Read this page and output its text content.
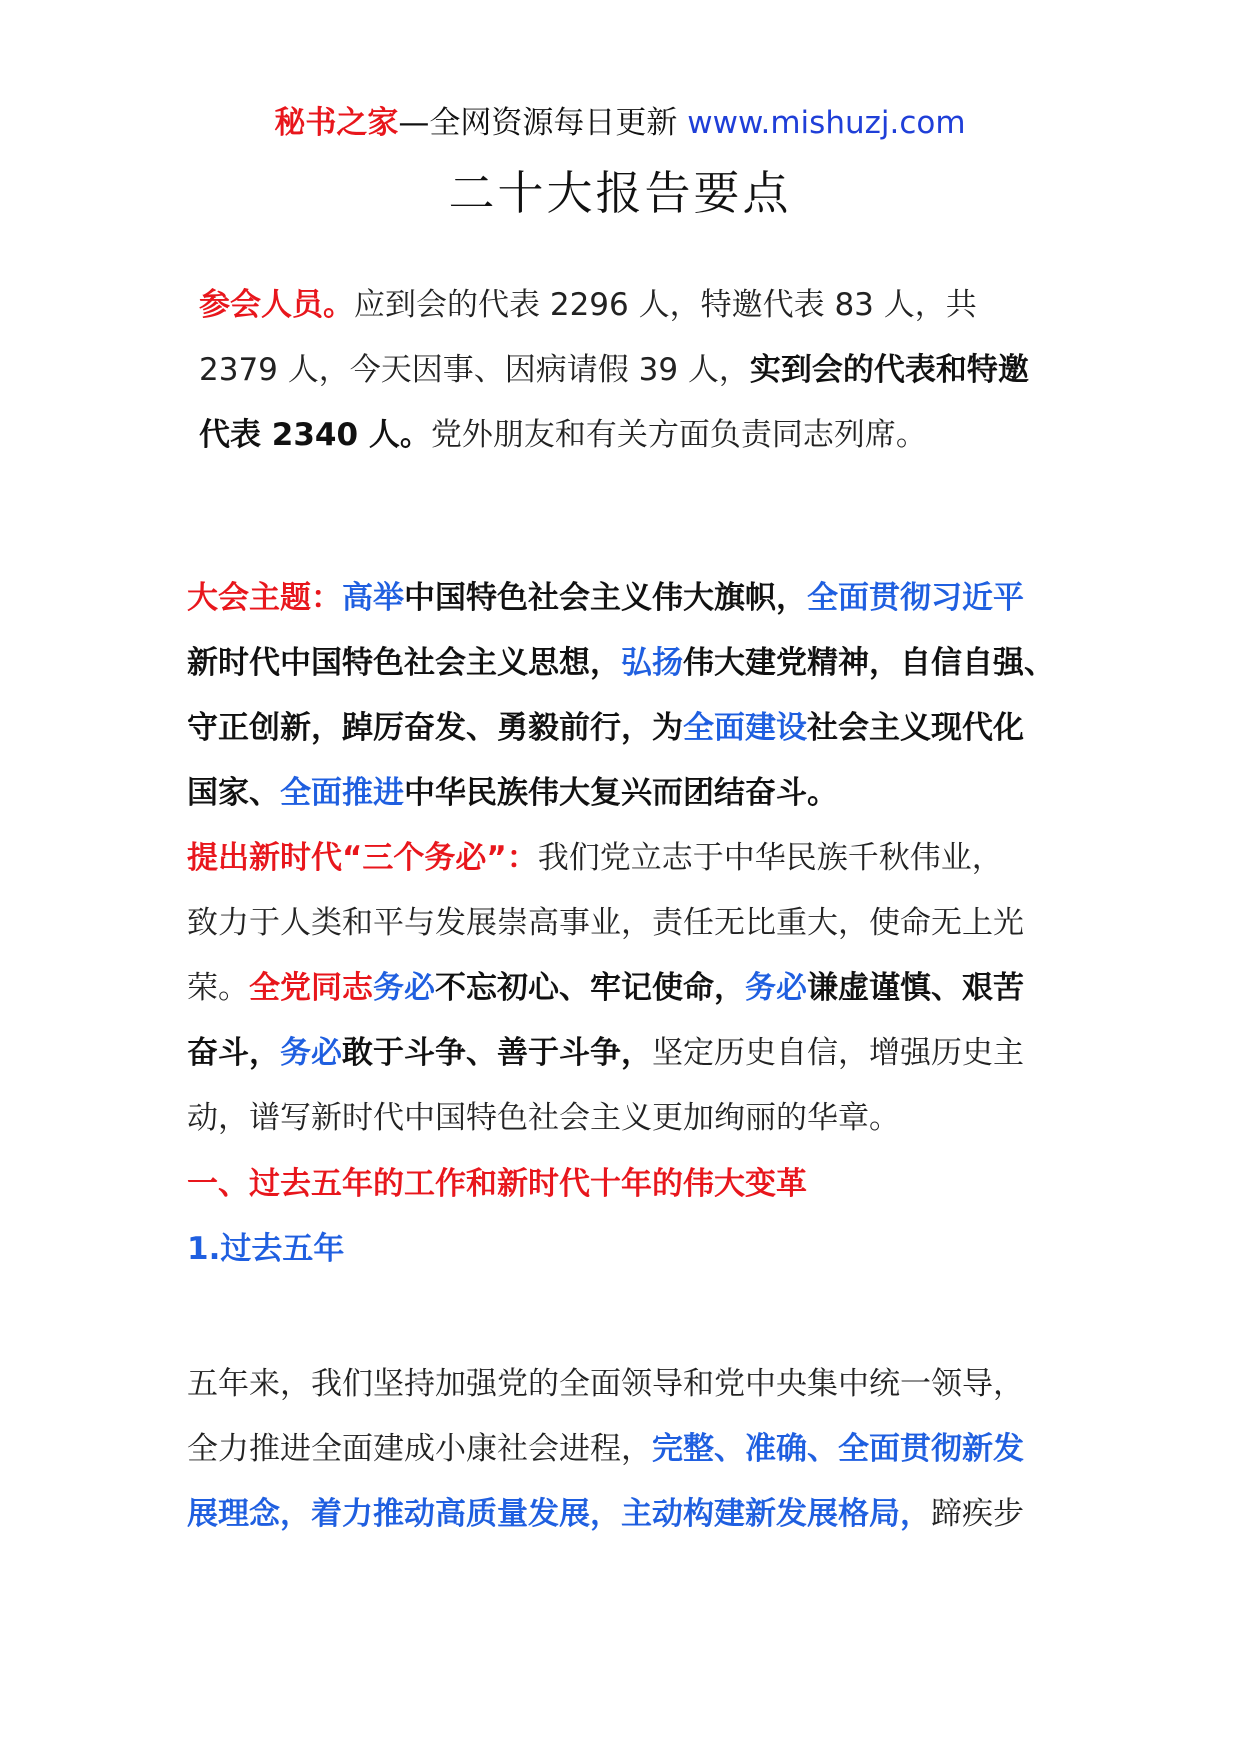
秘书之家—全网资源每日更新 www.mishuzj.com
二十大报告要点
参会人员。应到会的代表 2296 人，特邀代表 83 人，共
2379 人，今天因事、因病请假 39 人，实到会的代表和特邀
代表 2340 人。党外朋友和有关方面负责同志列席。
大会主题：高举中国特色社会主义伟大旗帜，全面贯彻习近平
新时代中国特色社会主义思想，弘扬伟大建党精神，自信自强、
守正创新，踔厉奋发、勇毅前行，为全面建设社会主义现代化
国家、全面推进中华民族伟大复兴而团结奋斗。
提出新时代“三个务必”：我们党立志于中华民族千秋伟业，
致力于人类和平与发展崇高事业，责任无比重大，使命无上光
荣。全党同志务必不忘初心、牢记使命，务必谦虚谨慎、艰苦
奋斗，务必敢于斗争、善于斗争，坚定历史自信，增强历史主
动，谱写新时代中国特色社会主义更加绚丽的华章。
一、过去五年的工作和新时代十年的伟大变革
1.过去五年
五年来，我们坚持加强党的全面领导和党中央集中统一领导，
全力推进全面建成小康社会进程，完整、准确、全面贯彻新发
展理念，着力推动高质量发展，主动构建新发展格局，蹄疾步
